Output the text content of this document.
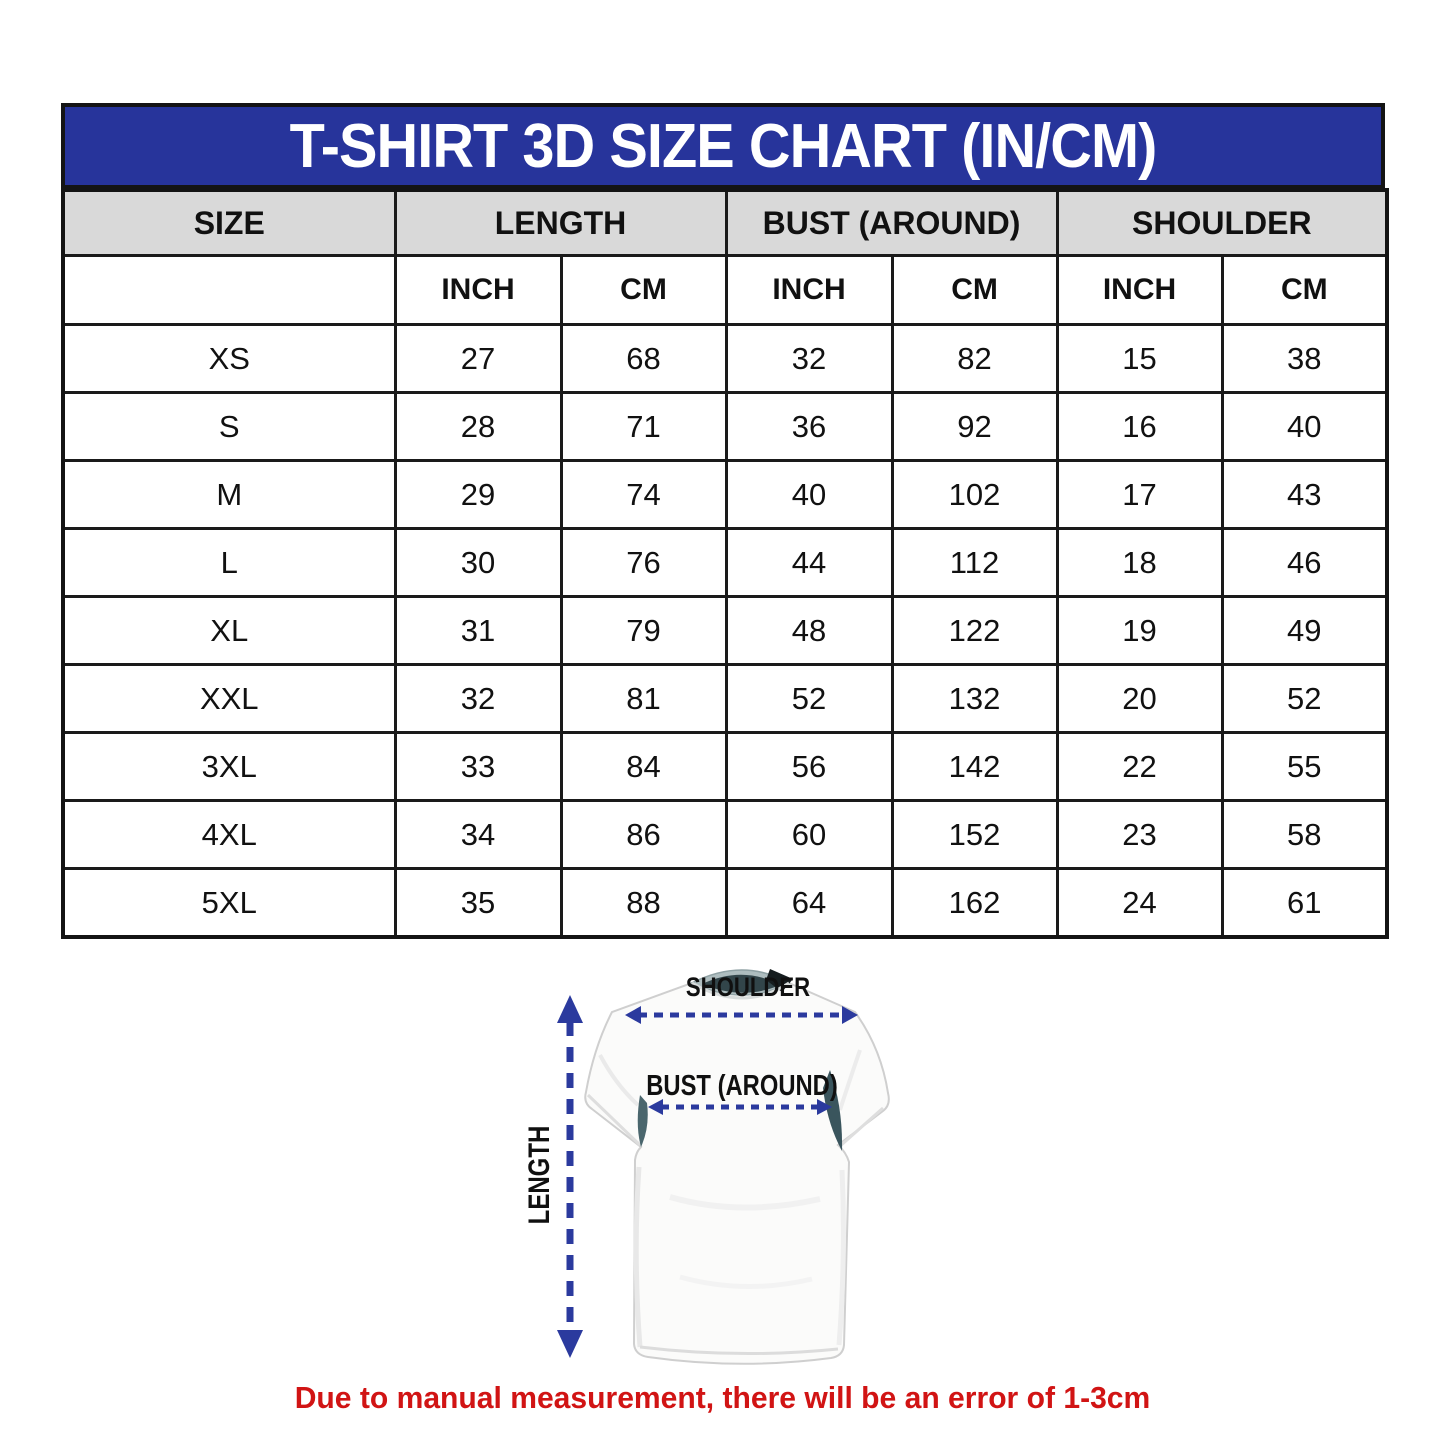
T-SHIRT 3D SIZE CHART (IN/CM)
SIZE	LENGTH		BUST (AROUND)		SHOULDER	
	INCH	CM	INCH	CM	INCH	CM
XS	27	68	32	82	15	38
S	28	71	36	92	16	40
M	29	74	40	102	17	43
L	30	76	44	112	18	46
XL	31	79	48	122	19	49
XXL	32	81	52	132	20	52
3XL	33	84	56	142	22	55
4XL	34	86	60	152	23	58
5XL	35	88	64	162	24	61
SHOULDER
BUST (AROUND)
LENGTH
Due to manual measurement, there will be an error of 1-3cm
